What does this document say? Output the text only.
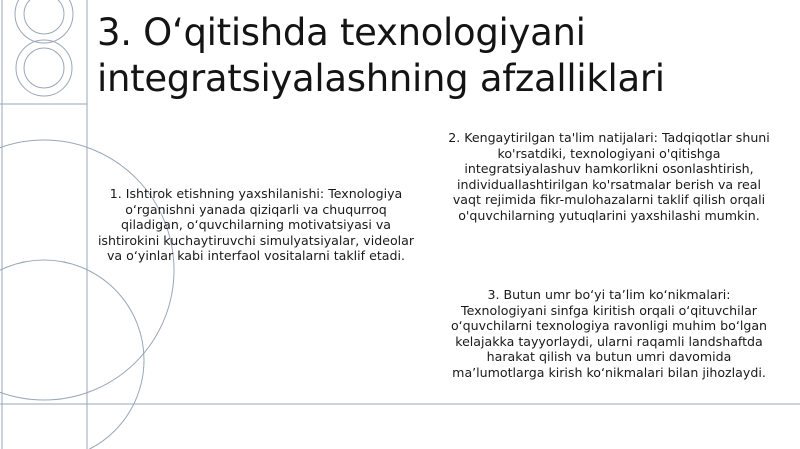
3. O‘qitishda texnologiyani integratsiyalashning afzalliklari

1. Ishtirok etishning yaxshilanishi: Texnologiya o‘rganishni yanada qiziqarli va chuqurroq qiladigan, o‘quvchilarning motivatsiyasi va ishtirokini kuchaytiruvchi simulyatsiyalar, videolar va o‘yinlar kabi interfaol vositalarni taklif etadi.

2. Kengaytirilgan ta'lim natijalari: Tadqiqotlar shuni ko'rsatdiki, texnologiyani o'qitishga integratsiyalashuv hamkorlikni osonlashtirish, individuallashtirilgan ko'rsatmalar berish va real vaqt rejimida fikr-mulohazalarni taklif qilish orqali o'quvchilarning yutuqlarini yaxshilashi mumkin.

3. Butun umr bo‘yi ta’lim ko‘nikmalari: Texnologiyani sinfga kiritish orqali o‘qituvchilar o‘quvchilarni texnologiya ravonligi muhim bo‘lgan kelajakka tayyorlaydi, ularni raqamli landshaftda harakat qilish va butun umri davomida ma’lumotlarga kirish ko‘nikmalari bilan jihozlaydi.
